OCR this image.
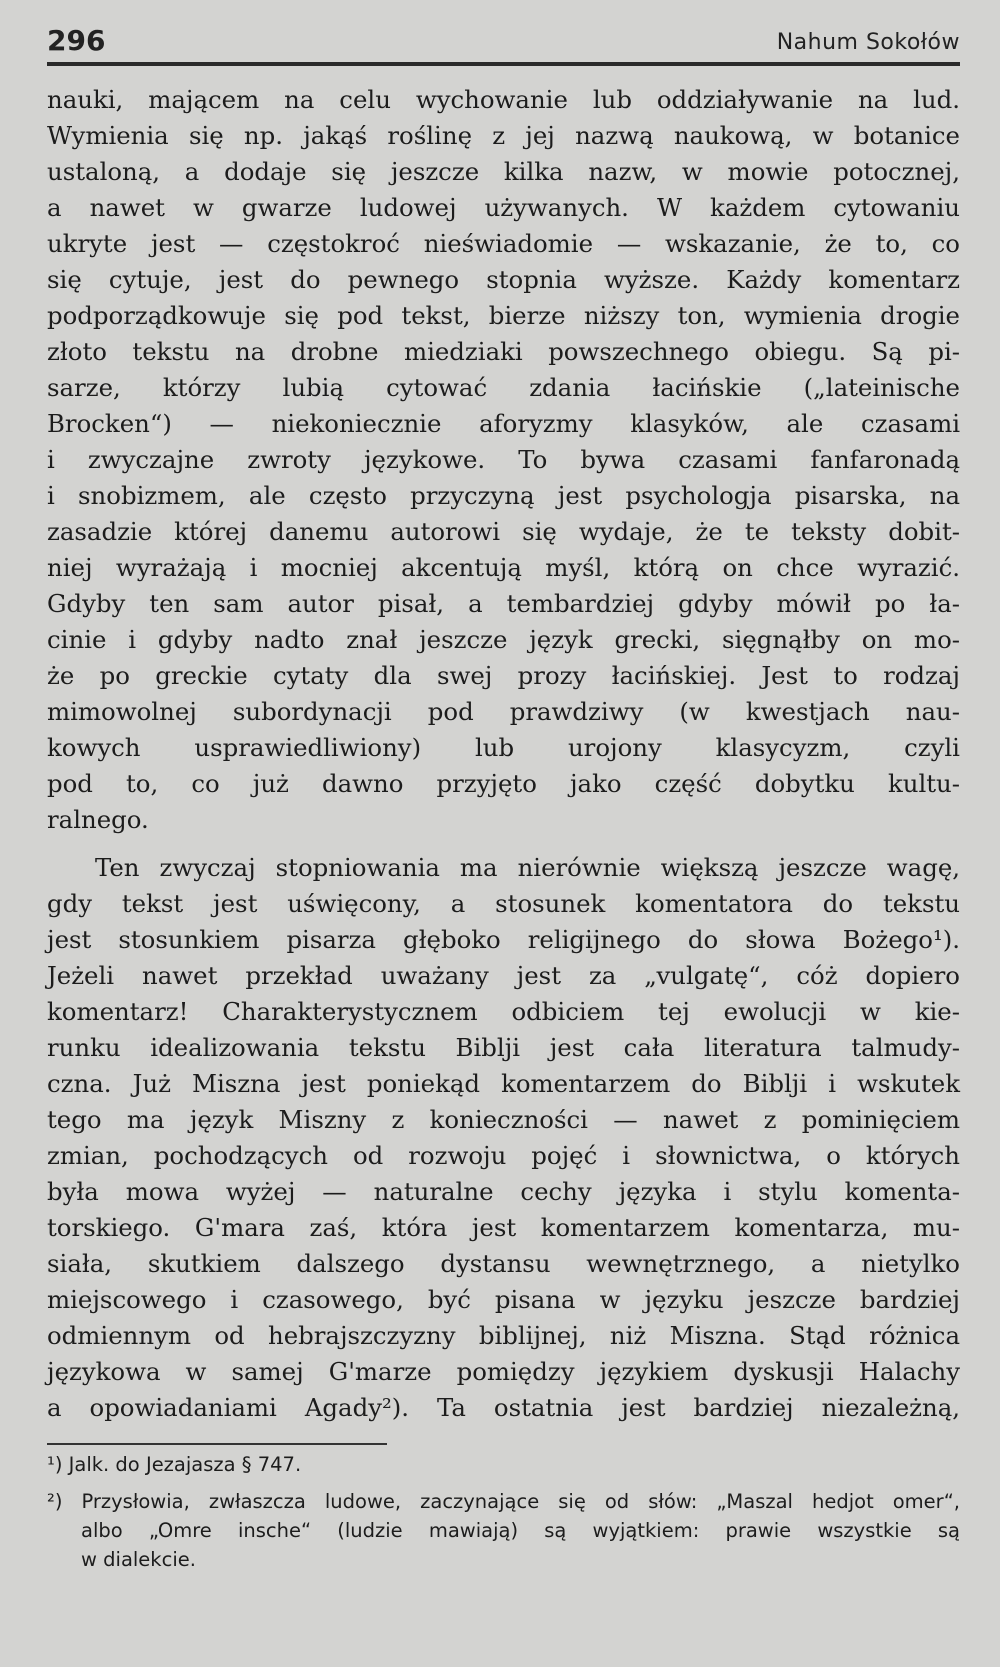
296	Nahum Sokołów
nauki, mającem na celu wychowanie lub oddziaływanie na lud.
Wymienia się np. jakąś roślinę z jej nazwą naukową, w botanice
ustaloną, a dodaje się jeszcze kilka nazw, w mowie potocznej,
a nawet w gwarze ludowej używanych. W każdem cytowaniu
ukryte jest — częstokroć nieświadomie — wskazanie, że to, co
się cytuje, jest do pewnego stopnia wyższe. Każdy komentarz
podporządkowuje się pod tekst, bierze niższy ton, wymienia drogie
złoto tekstu na drobne miedziaki powszechnego obiegu. Są pi-
sarze, którzy lubią cytować zdania łacińskie („lateinische
Brocken“) — niekoniecznie aforyzmy klasyków, ale czasami
i zwyczajne zwroty językowe. To bywa czasami fanfaronadą
i snobizmem, ale często przyczyną jest psychologja pisarska, na
zasadzie której danemu autorowi się wydaje, że te teksty dobit-
niej wyrażają i mocniej akcentują myśl, którą on chce wyrazić.
Gdyby ten sam autor pisał, a tembardziej gdyby mówił po ła-
cinie i gdyby nadto znał jeszcze język grecki, sięgnąłby on mo-
że po greckie cytaty dla swej prozy łacińskiej. Jest to rodzaj
mimowolnej subordynacji pod prawdziwy (w kwestjach nau-
kowych usprawiedliwiony) lub urojony klasycyzm, czyli
pod to, co już dawno przyjęto jako część dobytku kultu-
ralnego.
Ten zwyczaj stopniowania ma nierównie większą jeszcze wagę,
gdy tekst jest uświęcony, a stosunek komentatora do tekstu
jest stosunkiem pisarza głęboko religijnego do słowa Bożego¹).
Jeżeli nawet przekład uważany jest za „vulgatę“, cóż dopiero
komentarz! Charakterystycznem odbiciem tej ewolucji w kie-
runku idealizowania tekstu Biblji jest cała literatura talmudy-
czna. Już Miszna jest poniekąd komentarzem do Biblji i wskutek
tego ma język Miszny z konieczności — nawet z pominięciem
zmian, pochodzących od rozwoju pojęć i słownictwa, o których
była mowa wyżej — naturalne cechy języka i stylu komenta-
torskiego. G'mara zaś, która jest komentarzem komentarza, mu-
siała, skutkiem dalszego dystansu wewnętrznego, a nietylko
miejscowego i czasowego, być pisana w języku jeszcze bardziej
odmiennym od hebrajszczyzny biblijnej, niż Miszna. Stąd różnica
językowa w samej G'marze pomiędzy językiem dyskusji Halachy
a opowiadaniami Agady²). Ta ostatnia jest bardziej niezależną,
¹) Jalk. do Jezajasza § 747.
²) Przysłowia, zwłaszcza ludowe, zaczynające się od słów: „Maszal hedjot omer“,
albo „Omre insche“ (ludzie mawiają) są wyjątkiem: prawie wszystkie są
w dialekcie.
